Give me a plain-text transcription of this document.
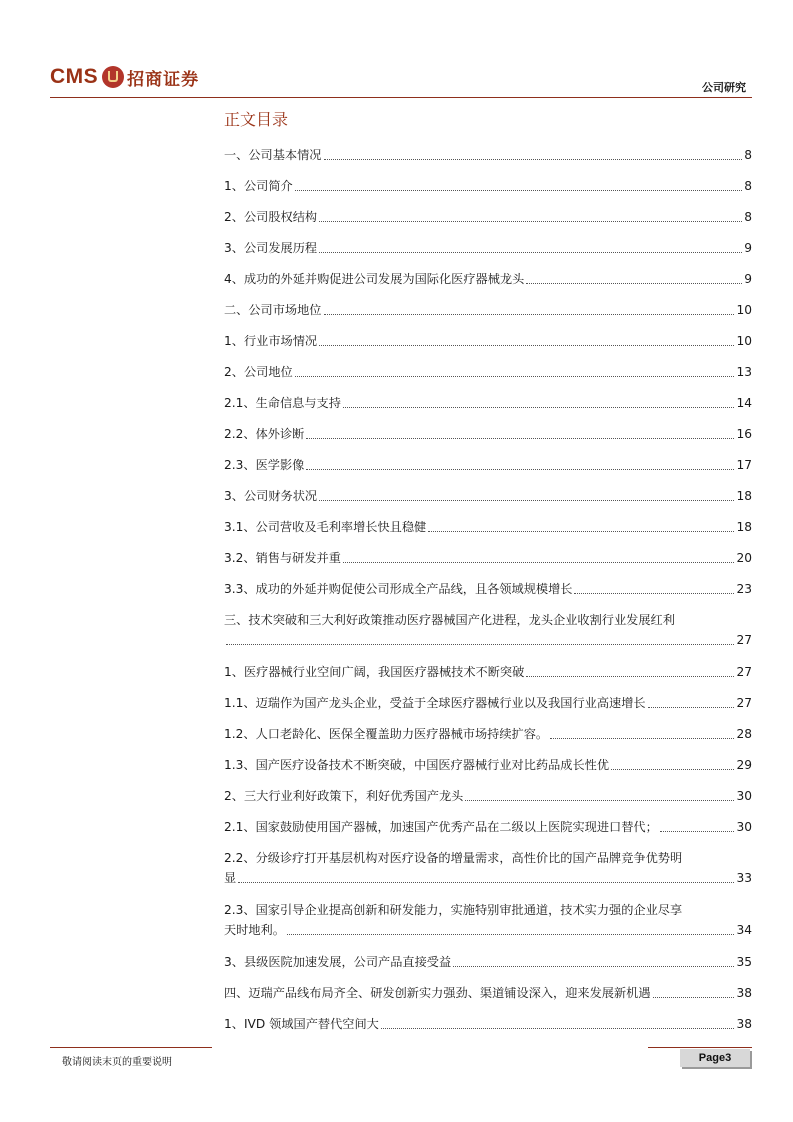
CMS 招商证券	公司研究
正文目录
一、公司基本情况	8
1、公司简介	8
2、公司股权结构	8
3、公司发展历程	9
4、成功的外延并购促进公司发展为国际化医疗器械龙头	9
二、公司市场地位	10
1、行业市场情况	10
2、公司地位	13
2.1、生命信息与支持	14
2.2、体外诊断	16
2.3、医学影像	17
3、公司财务状况	18
3.1、公司营收及毛利率增长快且稳健	18
3.2、销售与研发并重	20
3.3、成功的外延并购促使公司形成全产品线，且各领域规模增长	23
三、技术突破和三大利好政策推动医疗器械国产化进程，龙头企业收割行业发展红利
27
1、医疗器械行业空间广阔，我国医疗器械技术不断突破	27
1.1、迈瑞作为国产龙头企业，受益于全球医疗器械行业以及我国行业高速增长	27
1.2、人口老龄化、医保全覆盖助力医疗器械市场持续扩容。	28
1.3、国产医疗设备技术不断突破，中国医疗器械行业对比药品成长性优	29
2、三大行业利好政策下，利好优秀国产龙头	30
2.1、国家鼓励使用国产器械，加速国产优秀产品在二级以上医院实现进口替代；	30
2.2、分级诊疗打开基层机构对医疗设备的增量需求，高性价比的国产品牌竞争优势明
显	33
2.3、国家引导企业提高创新和研发能力，实施特别审批通道，技术实力强的企业尽享
天时地利。	34
3、县级医院加速发展，公司产品直接受益	35
四、迈瑞产品线布局齐全、研发创新实力强劲、渠道铺设深入，迎来发展新机遇	38
1、IVD 领域国产替代空间大	38
敬请阅读末页的重要说明	Page3
